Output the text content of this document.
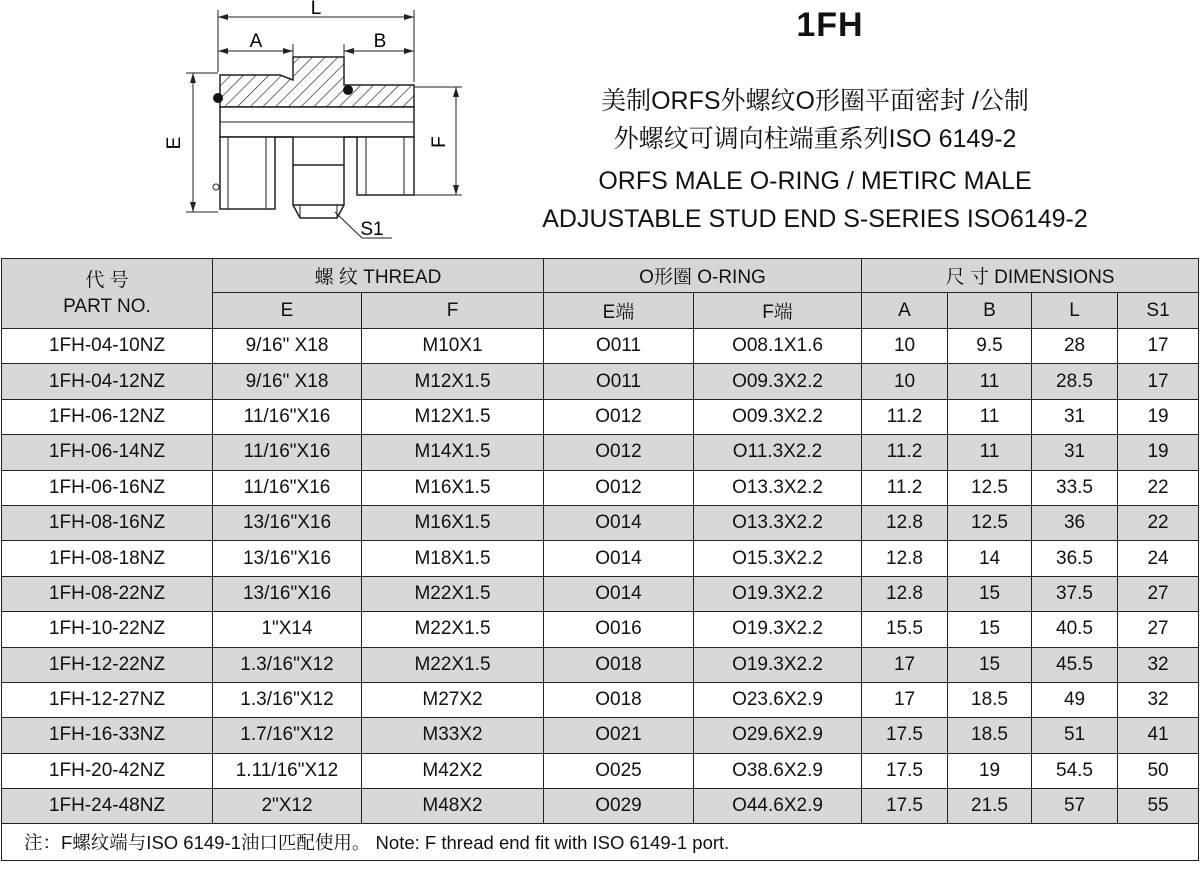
L
A	B
E	F
S1
1FH
美制ORFS外螺纹O形圈平面密封 /公制
外螺纹可调向柱端重系列ISO 6149-2
ORFS MALE O-RING / METIRC MALE
ADJUSTABLE STUD END S-SERIES ISO6149-2
代 号
PART NO.	螺 纹 THREAD		O形圈 O-RING		尺 寸 DIMENSIONS			
	E	F	E端	F端	A	B	L	S1
1FH-04-10NZ	9/16" X18	M10X1	O011	O08.1X1.6	10	9.5	28	17
1FH-04-12NZ	9/16" X18	M12X1.5	O011	O09.3X2.2	10	11	28.5	17
1FH-06-12NZ	11/16"X16	M12X1.5	O012	O09.3X2.2	11.2	11	31	19
1FH-06-14NZ	11/16"X16	M14X1.5	O012	O11.3X2.2	11.2	11	31	19
1FH-06-16NZ	11/16"X16	M16X1.5	O012	O13.3X2.2	11.2	12.5	33.5	22
1FH-08-16NZ	13/16"X16	M16X1.5	O014	O13.3X2.2	12.8	12.5	36	22
1FH-08-18NZ	13/16"X16	M18X1.5	O014	O15.3X2.2	12.8	14	36.5	24
1FH-08-22NZ	13/16"X16	M22X1.5	O014	O19.3X2.2	12.8	15	37.5	27
1FH-10-22NZ	1"X14	M22X1.5	O016	O19.3X2.2	15.5	15	40.5	27
1FH-12-22NZ	1.3/16"X12	M22X1.5	O018	O19.3X2.2	17	15	45.5	32
1FH-12-27NZ	1.3/16"X12	M27X2	O018	O23.6X2.9	17	18.5	49	32
1FH-16-33NZ	1.7/16"X12	M33X2	O021	O29.6X2.9	17.5	18.5	51	41
1FH-20-42NZ	1.11/16"X12	M42X2	O025	O38.6X2.9	17.5	19	54.5	50
1FH-24-48NZ	2"X12	M48X2	O029	O44.6X2.9	17.5	21.5	57	55
注：F螺纹端与ISO 6149-1油口匹配使用。 Note: F thread end fit with ISO 6149-1 port.								
